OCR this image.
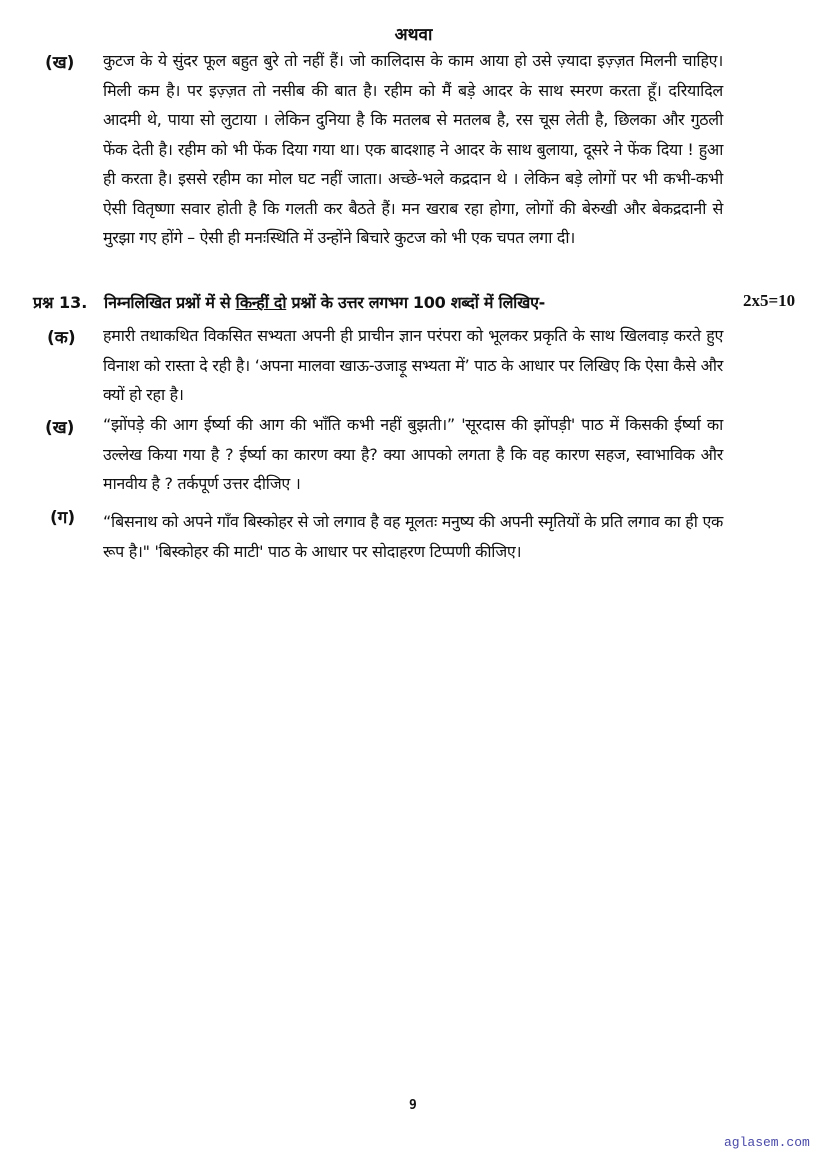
अथवा
(ख) कुटज के ये सुंदर फूल बहुत बुरे तो नहीं हैं। जो कालिदास के काम आया हो उसे ज़्यादा इज़्ज़त मिलनी चाहिए। मिली कम है। पर इज़्ज़त तो नसीब की बात है। रहीम को मैं बड़े आदर के साथ स्मरण करता हूँ। दरियादिल आदमी थे, पाया सो लुटाया । लेकिन दुनिया है कि मतलब से मतलब है, रस चूस लेती है, छिलका और गुठली फेंक देती है। रहीम को भी फेंक दिया गया था। एक बादशाह ने आदर के साथ बुलाया, दूसरे ने फेंक दिया ! हुआ ही करता है। इससे रहीम का मोल घट नहीं जाता। अच्छे-भले कद्रदान थे । लेकिन बड़े लोगों पर भी कभी-कभी ऐसी वितृष्णा सवार होती है कि गलती कर बैठते हैं। मन खराब रहा होगा, लोगों की बेरुखी और बेकद्रदानी से मुरझा गए होंगे – ऐसी ही मनःस्थिति में उन्होंने बिचारे कुटज को भी एक चपत लगा दी।
प्रश्न 13. निम्नलिखित प्रश्नों में से किन्हीं दो प्रश्नों के उत्तर लगभग 100 शब्दों में लिखिए-	2x5=10
(क) हमारी तथाकथित विकसित सभ्यता अपनी ही प्राचीन ज्ञान परंपरा को भूलकर प्रकृति के साथ खिलवाड़ करते हुए विनाश को रास्ता दे रही है। ‘अपना मालवा खाऊ-उजाड़ू सभ्यता में’ पाठ के आधार पर लिखिए कि ऐसा कैसे और क्यों हो रहा है।
(ख) “झोंपड़े की आग ईर्ष्या की आग की भाँति कभी नहीं बुझती।” 'सूरदास की झोंपड़ी' पाठ में किसकी ईर्ष्या का उल्लेख किया गया है ? ईर्ष्या का कारण क्या है? क्या आपको लगता है कि वह कारण सहज, स्वाभाविक और मानवीय है ? तर्कपूर्ण उत्तर दीजिए ।
(ग) “बिसनाथ को अपने गाँव बिस्कोहर से जो लगाव है वह मूलतः मनुष्य की अपनी स्मृतियों के प्रति लगाव का ही एक रूप है।" 'बिस्कोहर की माटी' पाठ के आधार पर सोदाहरण टिप्पणी कीजिए।
9
aglasem.com
